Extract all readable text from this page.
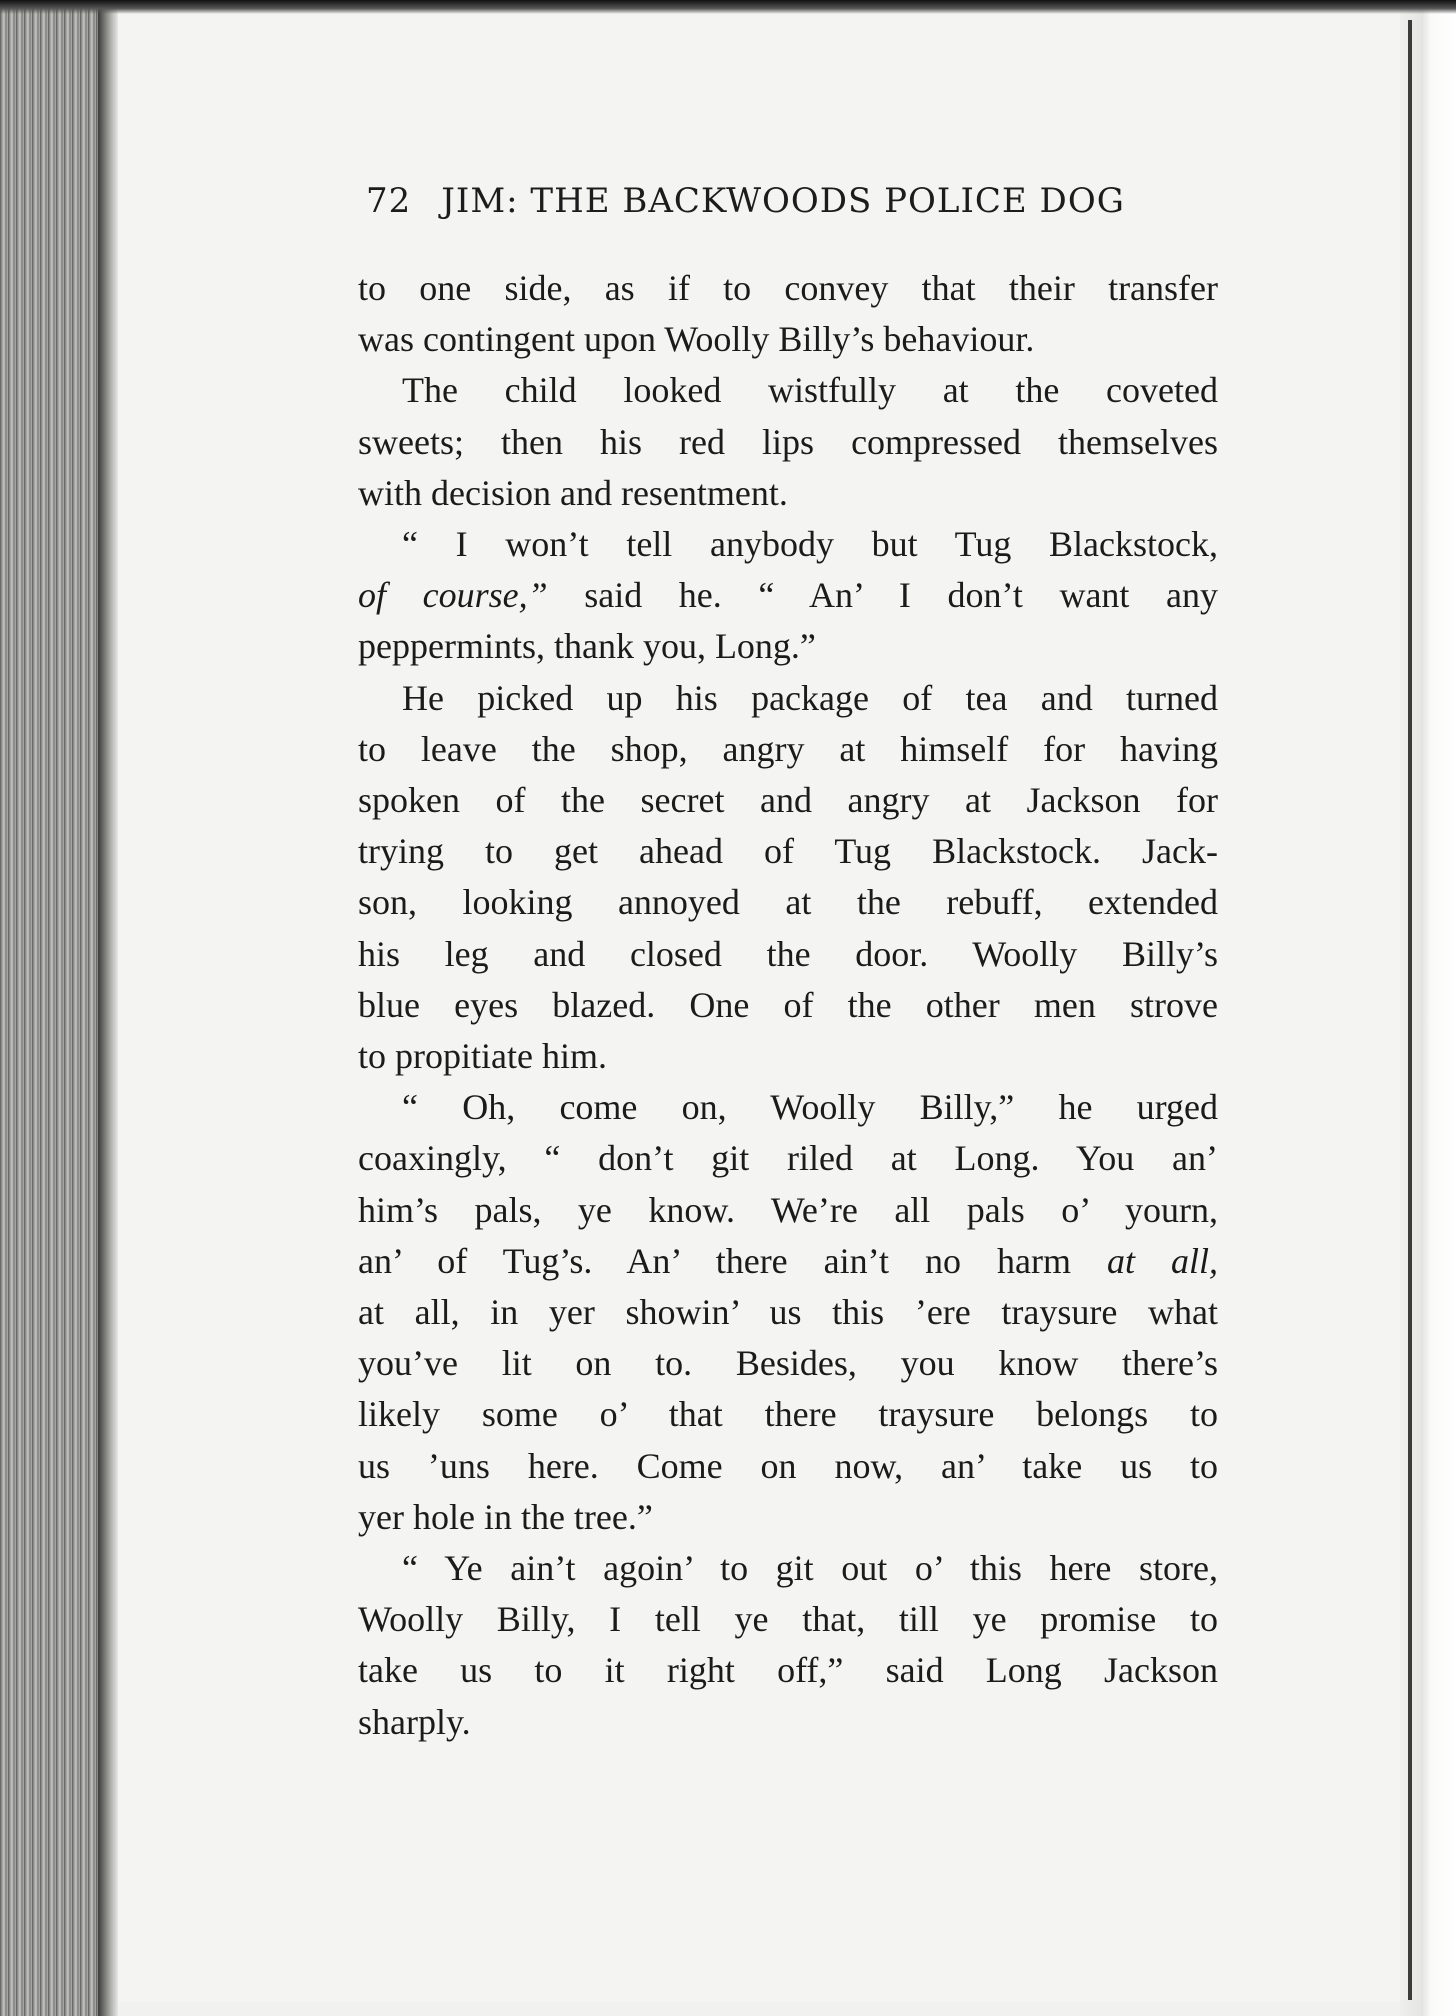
72 JIM: THE BACKWOODS POLICE DOG
to one side, as if to convey that their transfer
was contingent upon Woolly Billy’s behaviour.
The child looked wistfully at the coveted
sweets; then his red lips compressed themselves
with decision and resentment.
“ I won’t tell anybody but Tug Blackstock,
of course,” said he. “ An’ I don’t want any
peppermints, thank you, Long.”
He picked up his package of tea and turned
to leave the shop, angry at himself for having
spoken of the secret and angry at Jackson for
trying to get ahead of Tug Blackstock. Jack-
son, looking annoyed at the rebuff, extended
his leg and closed the door. Woolly Billy’s
blue eyes blazed. One of the other men strove
to propitiate him.
“ Oh, come on, Woolly Billy,” he urged
coaxingly, “ don’t git riled at Long. You an’
him’s pals, ye know. We’re all pals o’ yourn,
an’ of Tug’s. An’ there ain’t no harm at all,
at all, in yer showin’ us this ’ere traysure what
you’ve lit on to. Besides, you know there’s
likely some o’ that there traysure belongs to
us ’uns here. Come on now, an’ take us to
yer hole in the tree.”
“ Ye ain’t agoin’ to git out o’ this here store,
Woolly Billy, I tell ye that, till ye promise to
take us to it right off,” said Long Jackson
sharply.
